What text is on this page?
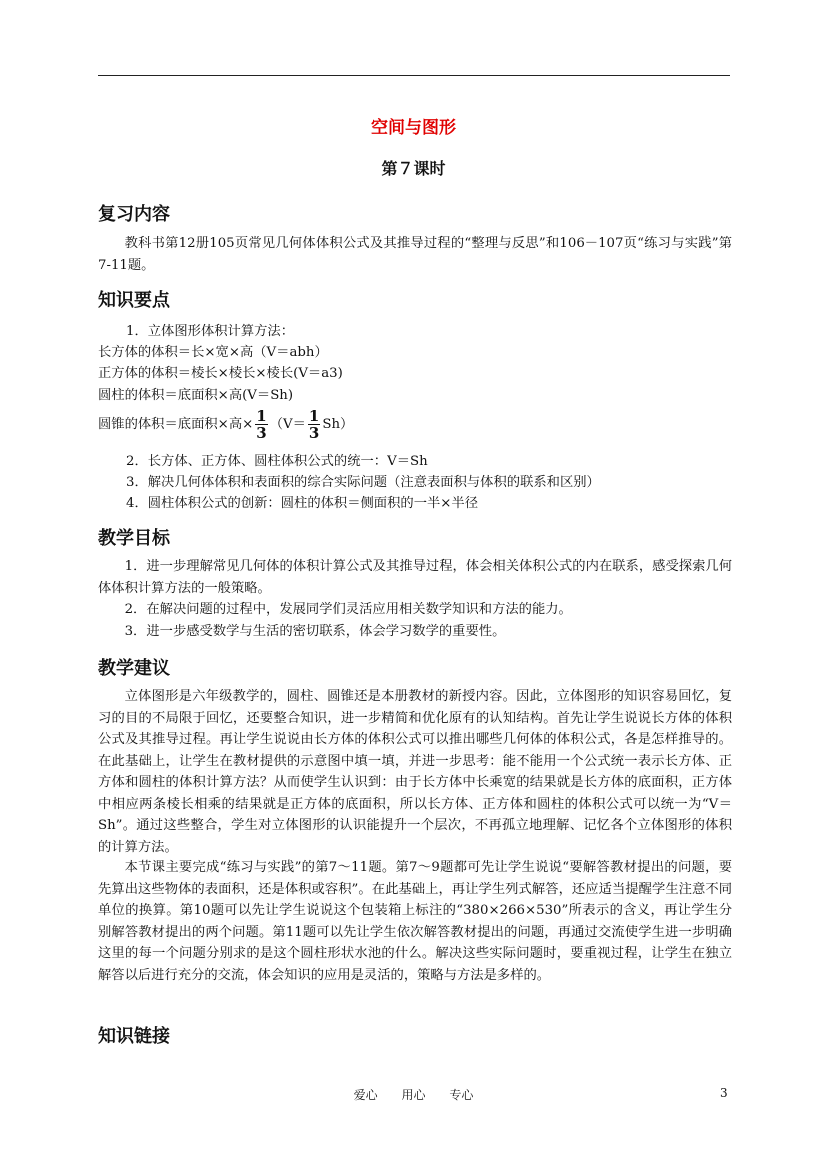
空间与图形
第７课时
复习内容

教科书第12册105页常见几何体体积公式及其推导过程的“整理与反思”和106－107页“练习与实践”第7-11题。

知识要点
1．立体图形体积计算方法：
长方体的体积＝长×宽×高（V＝abh）
正方体的体积＝棱长×棱长×棱长(V＝a3)
圆柱的体积＝底面积×高(V＝Sh)
圆锥的体积＝底面积×高× $\frac{1}{3} (V= \frac{1}{3} Sh)$
2．长方体、正方体、圆柱体积公式的统一：V＝Sh
3．解决几何体体积和表面积的综合实际问题（注意表面积与体积的联系和区别）
4．圆柱体积公式的创新：圆柱的体积＝侧面积的一半×半径
教学目标

1．进一步理解常见几何体的体积计算公式及其推导过程，体会相关体积公式的内在联系，感受探索几何体体积计算方法的一般策略。

2．在解决问题的过程中，发展同学们灵活应用相关数学知识和方法的能力。

3．进一步感受数学与生活的密切联系，体会学习数学的重要性。

教学建议

立体图形是六年级教学的，圆柱、圆锥还是本册教材的新授内容。因此，立体图形的知识容易回忆，复习的目的不局限于回忆，还要整合知识，进一步精简和优化原有的认知结构。首先让学生说说长方体的体积公式及其推导过程。再让学生说说由长方体的体积公式可以推出哪些几何体的体积公式，各是怎样推导的。在此基础上，让学生在教材提供的示意图中填一填，并进一步思考：能不能用一个公式统一表示长方体、正方体和圆柱的体积计算方法？从而使学生认识到：由于长方体中长乘宽的结果就是长方体的底面积，正方体中相应两条棱长相乘的结果就是正方体的底面积，所以长方体、正方体和圆柱的体积公式可以统一为“V＝Sh”。通过这些整合，学生对立体图形的认识能提升一个层次，不再孤立地理解、记忆各个立体图形的体积的计算方法。

本节课主要完成“练习与实践”的第7～11题。第7～9题都可先让学生说说“要解答教材提出的问题，要先算出这些物体的表面积，还是体积或容积”。在此基础上，再让学生列式解答，还应适当提醒学生注意不同单位的换算。第10题可以先让学生说说这个包装箱上标注的“380×266×530”所表示的含义，再让学生分别解答教材提出的两个问题。第11题可以先让学生依次解答教材提出的问题，再通过交流使学生进一步明确这里的每一个问题分别求的是这个圆柱形状水池的什么。解决这些实际问题时，要重视过程，让学生在独立解答以后进行充分的交流，体会知识的应用是灵活的，策略与方法是多样的。

知识链接
爱心 用心 专心	3
